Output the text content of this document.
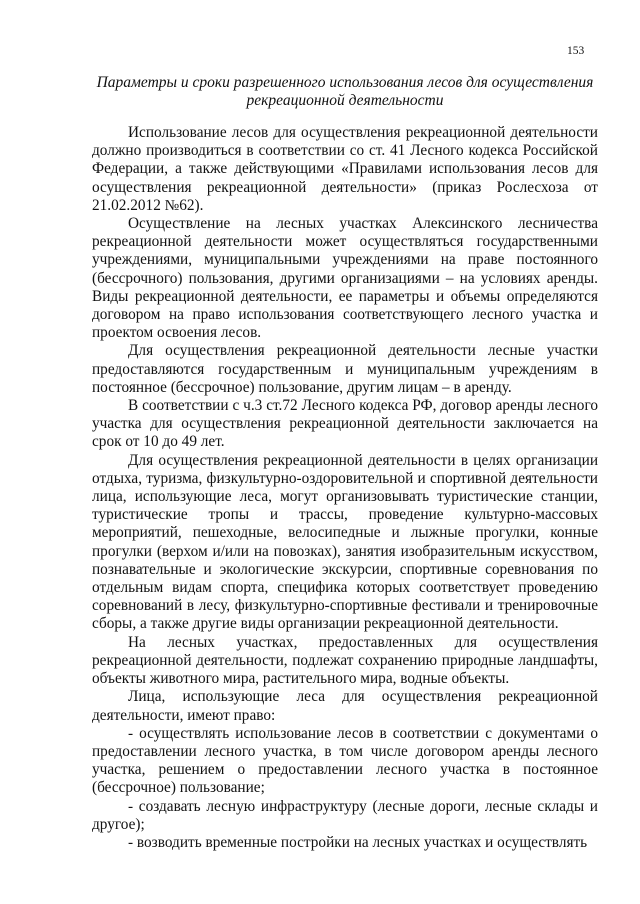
153
Параметры и сроки разрешенного использования лесов для осуществления рекреационной деятельности

Использование лесов для осуществления рекреационной деятельности должно производиться в соответствии со ст. 41 Лесного кодекса Российской Федерации, а также действующими «Правилами использования лесов для осуществления рекреационной деятельности» (приказ Рослесхоза от 21.02.2012 №62).

Осуществление на лесных участках Алексинского лесничества рекреационной деятельности может осуществляться государственными учреждениями, муниципальными учреждениями на праве постоянного (бессрочного) пользования, другими организациями – на условиях аренды. Виды рекреационной деятельности, ее параметры и объемы определяются договором на право использования соответствующего лесного участка и проектом освоения лесов.

Для осуществления рекреационной деятельности лесные участки предоставляются государственным и муниципальным учреждениям в постоянное (бессрочное) пользование, другим лицам – в аренду.

В соответствии с ч.3 ст.72 Лесного кодекса РФ, договор аренды лесного участка для осуществления рекреационной деятельности заключается на срок от 10 до 49 лет.

Для осуществления рекреационной деятельности в целях организации отдыха, туризма, физкультурно-оздоровительной и спортивной деятельности лица, использующие леса, могут организовывать туристические станции, туристические тропы и трассы, проведение культурно-массовых мероприятий, пешеходные, велосипедные и лыжные прогулки, конные прогулки (верхом и/или на повозках), занятия изобразительным искусством, познавательные и экологические экскурсии, спортивные соревнования по отдельным видам спорта, специфика которых соответствует проведению соревнований в лесу, физкультурно-спортивные фестивали и тренировочные сборы, а также другие виды организации рекреационной деятельности.

На лесных участках, предоставленных для осуществления рекреационной деятельности, подлежат сохранению природные ландшафты, объекты животного мира, растительного мира, водные объекты.

Лица, использующие леса для осуществления рекреационной деятельности, имеют право:

- осуществлять использование лесов в соответствии с документами о предоставлении лесного участка, в том числе договором аренды лесного участка, решением о предоставлении лесного участка в постоянное (бессрочное) пользование;

- создавать лесную инфраструктуру (лесные дороги, лесные склады и другое);

- возводить временные постройки на лесных участках и осуществлять
